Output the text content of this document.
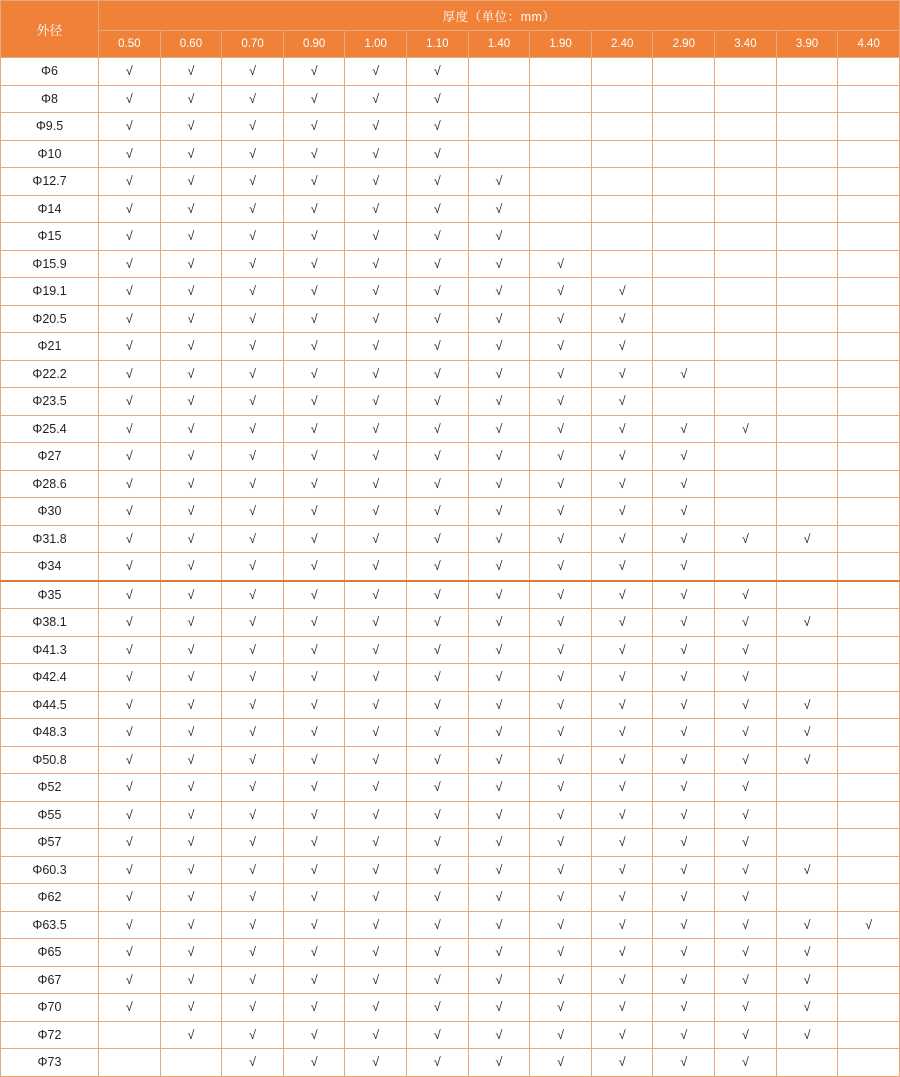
外径	厚度（单位：mm）												
	0.50	0.60	0.70	0.90	1.00	1.10	1.40	1.90	2.40	2.90	3.40	3.90	4.40
Φ6	√	√	√	√	√	√							
Φ8	√	√	√	√	√	√							
Φ9.5	√	√	√	√	√	√							
Φ10	√	√	√	√	√	√							
Φ12.7	√	√	√	√	√	√	√						
Φ14	√	√	√	√	√	√	√						
Φ15	√	√	√	√	√	√	√						
Φ15.9	√	√	√	√	√	√	√	√					
Φ19.1	√	√	√	√	√	√	√	√	√				
Φ20.5	√	√	√	√	√	√	√	√	√				
Φ21	√	√	√	√	√	√	√	√	√				
Φ22.2	√	√	√	√	√	√	√	√	√	√			
Φ23.5	√	√	√	√	√	√	√	√	√				
Φ25.4	√	√	√	√	√	√	√	√	√	√	√		
Φ27	√	√	√	√	√	√	√	√	√	√			
Φ28.6	√	√	√	√	√	√	√	√	√	√			
Φ30	√	√	√	√	√	√	√	√	√	√			
Φ31.8	√	√	√	√	√	√	√	√	√	√	√	√	
Φ34	√	√	√	√	√	√	√	√	√	√			
Φ35	√	√	√	√	√	√	√	√	√	√	√		
Φ38.1	√	√	√	√	√	√	√	√	√	√	√	√	
Φ41.3	√	√	√	√	√	√	√	√	√	√	√		
Φ42.4	√	√	√	√	√	√	√	√	√	√	√		
Φ44.5	√	√	√	√	√	√	√	√	√	√	√	√	
Φ48.3	√	√	√	√	√	√	√	√	√	√	√	√	
Φ50.8	√	√	√	√	√	√	√	√	√	√	√	√	
Φ52	√	√	√	√	√	√	√	√	√	√	√		
Φ55	√	√	√	√	√	√	√	√	√	√	√		
Φ57	√	√	√	√	√	√	√	√	√	√	√		
Φ60.3	√	√	√	√	√	√	√	√	√	√	√	√	
Φ62	√	√	√	√	√	√	√	√	√	√	√		
Φ63.5	√	√	√	√	√	√	√	√	√	√	√	√	√
Φ65	√	√	√	√	√	√	√	√	√	√	√	√	
Φ67	√	√	√	√	√	√	√	√	√	√	√	√	
Φ70	√	√	√	√	√	√	√	√	√	√	√	√	
Φ72		√	√	√	√	√	√	√	√	√	√	√	
Φ73			√	√	√	√	√	√	√	√	√		
